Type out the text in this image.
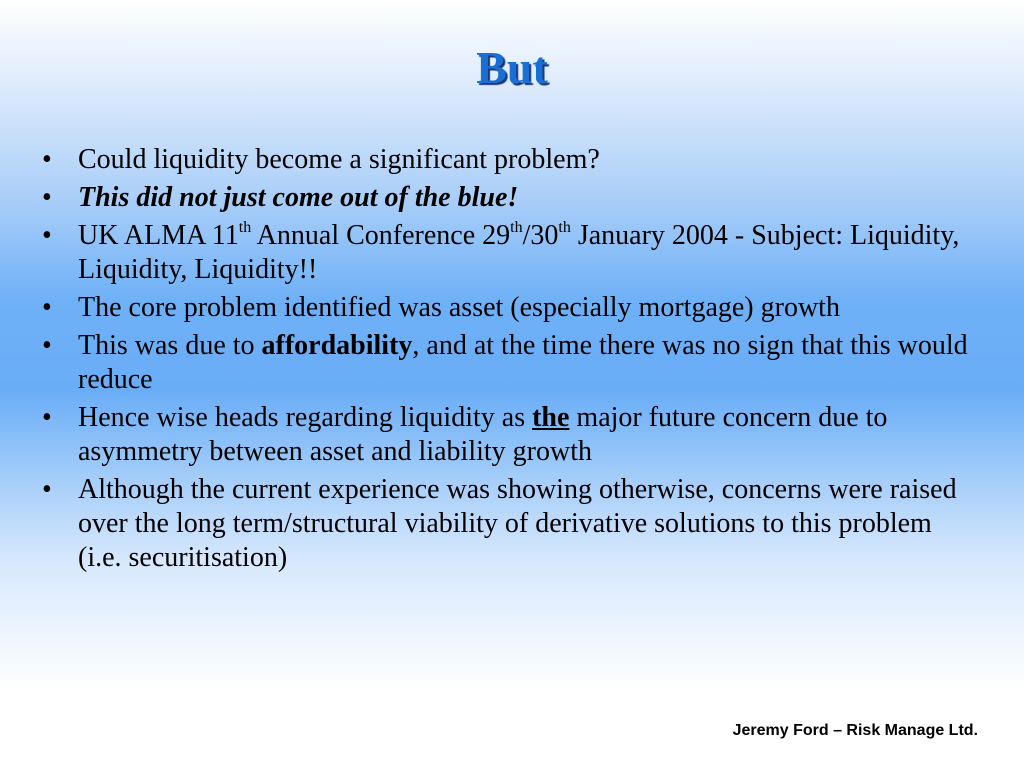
But
• Could liquidity become a significant problem?
• This did not just come out of the blue!
• UK ALMA 11th Annual Conference 29th/30th January 2004 - Subject: Liquidity, Liquidity, Liquidity!!
• The core problem identified was asset (especially mortgage) growth
• This was due to affordability, and at the time there was no sign that this would reduce
• Hence wise heads regarding liquidity as the major future concern due to asymmetry between asset and liability growth
• Although the current experience was showing otherwise, concerns were raised over the long term/structural viability of derivative solutions to this problem (i.e. securitisation)
Jeremy Ford – Risk Manage Ltd.
